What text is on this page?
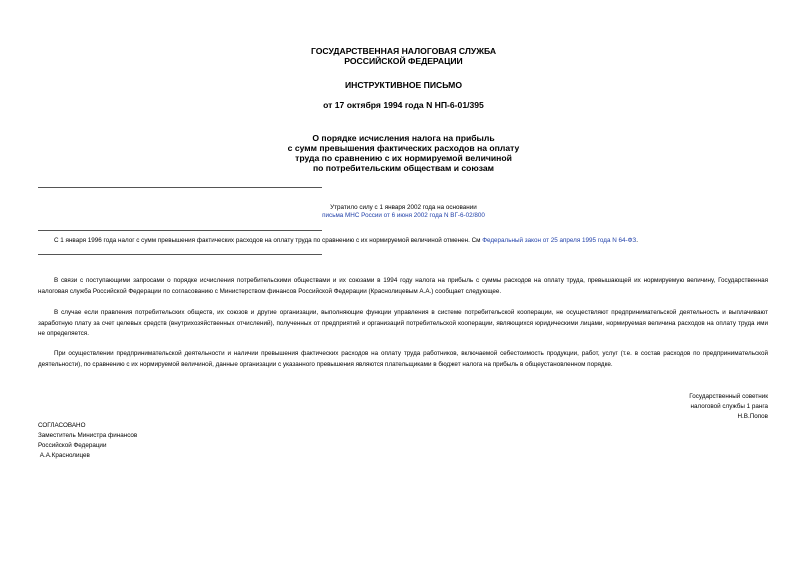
ГОСУДАРСТВЕННАЯ НАЛОГОВАЯ СЛУЖБА
РОССИЙСКОЙ ФЕДЕРАЦИИ
ИНСТРУКТИВНОЕ ПИСЬМО
от 17 октября 1994 года N НП-6-01/395
О порядке исчисления налога на прибыль
с сумм превышения фактических расходов на оплату
труда по сравнению с их нормируемой величиной
по потребительским обществам и союзам
Утратило силу с 1 января 2002 года на основании
письма МНС России от 6 июня 2002 года N ВГ-6-02/800
С 1 января 1996 года налог с сумм превышения фактических расходов на оплату труда по сравнению с их нормируемой величиной отменен. См Федеральный закон от 25 апреля 1995 года N 64-ФЗ.
В связи с поступающими запросами о порядке исчисления потребительскими обществами и их союзами в 1994 году налога на прибыль с суммы расходов на оплату труда, превышающей их нормируемую величину, Государственная налоговая служба Российской Федерации по согласованию с Министерством финансов Российской Федерации (Краснолицевым А.А.) сообщает следующее.
В случае если правления потребительских обществ, их союзов и другие организации, выполняющие функции управления в системе потребительской кооперации, не осуществляют предпринимательской деятельность и выплачивают заработную плату за счет целевых средств (внутрихозяйственных отчислений), полученных от предприятий и организаций потребительской кооперации, являющихся юридическими лицами, нормируемая величина расходов на оплату труда ими не определяется.
При осуществлении предпринимательской деятельности и наличии превышения фактических расходов на оплату труда работников, включаемой себестоимость продукции, работ, услуг (т.е. в состав расходов по предпринимательской деятельности), по сравнению с их нормируемой величиной, данные организации с указанного превышения являются плательщиками в бюджет налога на прибыль в общеустановленном порядке.
Государственный советник
налоговой службы 1 ранга
Н.В.Попов
СОГЛАСОВАНО
Заместитель Министра финансов
Российской Федерации
А.А.Краснолицев
